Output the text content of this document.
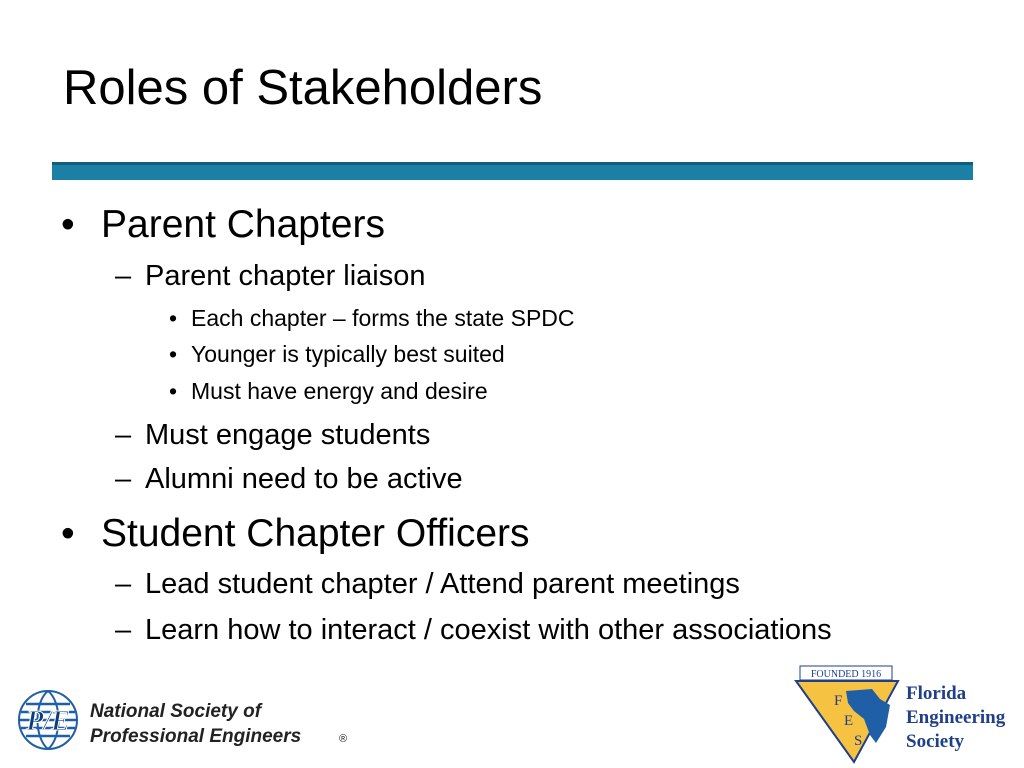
Roles of Stakeholders
• Parent Chapters
– Parent chapter liaison
• Each chapter – forms the state SPDC
• Younger is typically best suited
• Must have energy and desire
– Must engage students
– Alumni need to be active
• Student Chapter Officers
– Lead student chapter / Attend parent meetings
– Learn how to interact / coexist with other associations
P/E National Society of
Professional Engineers	®
FOUNDED 1916
F
E
S
Florida
Engineering
Society
